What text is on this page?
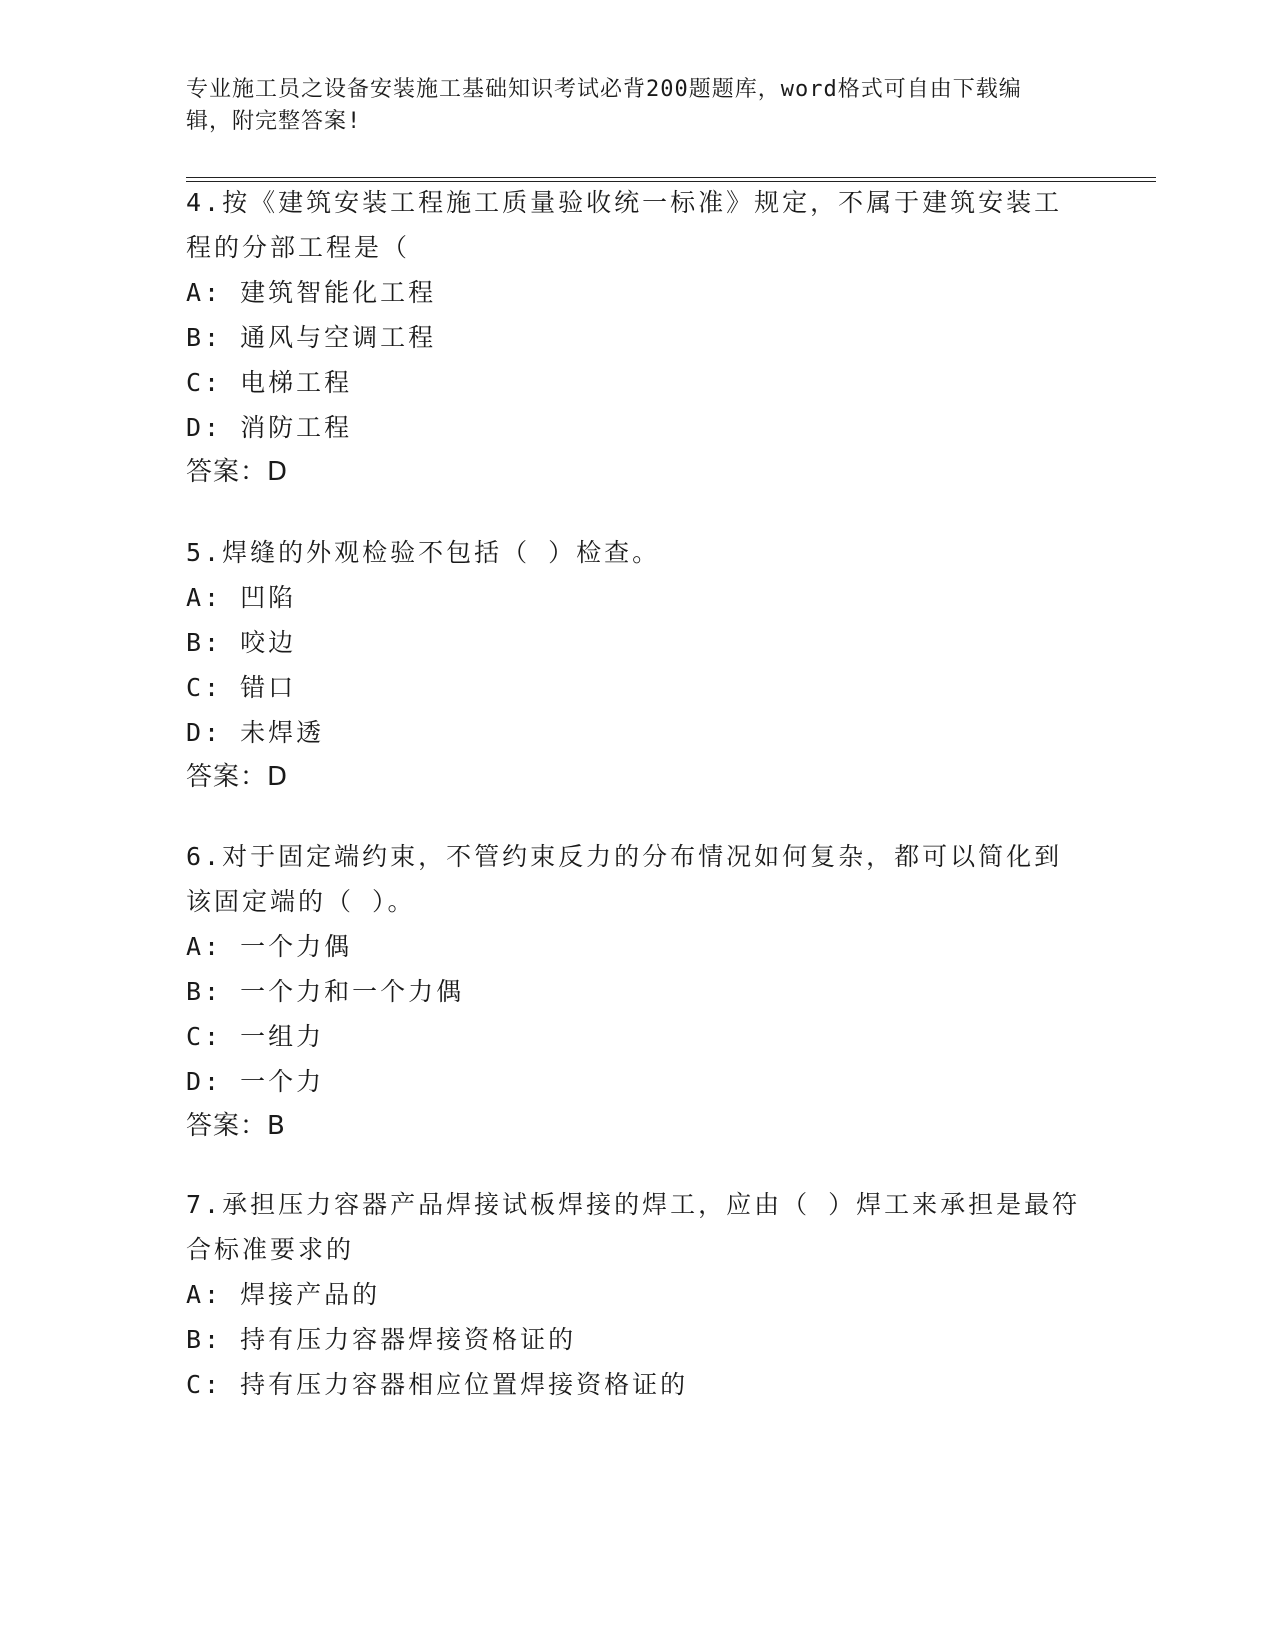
专业施工员之设备安装施工基础知识考试必背200题题库，word格式可自由下载编辑，附完整答案!
4.按《建筑安装工程施工质量验收统一标准》规定，不属于建筑安装工程的分部工程是（
A: 建筑智能化工程
B: 通风与空调工程
C: 电梯工程
D: 消防工程
答案：D
5.焊缝的外观检验不包括（ ）检查。
A: 凹陷
B: 咬边
C: 错口
D: 未焊透
答案：D
6.对于固定端约束，不管约束反力的分布情况如何复杂，都可以简化到该固定端的（ ）。
A: 一个力偶
B: 一个力和一个力偶
C: 一组力
D: 一个力
答案：B
7.承担压力容器产品焊接试板焊接的焊工，应由（ ）焊工来承担是最符合标准要求的
A: 焊接产品的
B: 持有压力容器焊接资格证的
C: 持有压力容器相应位置焊接资格证的
